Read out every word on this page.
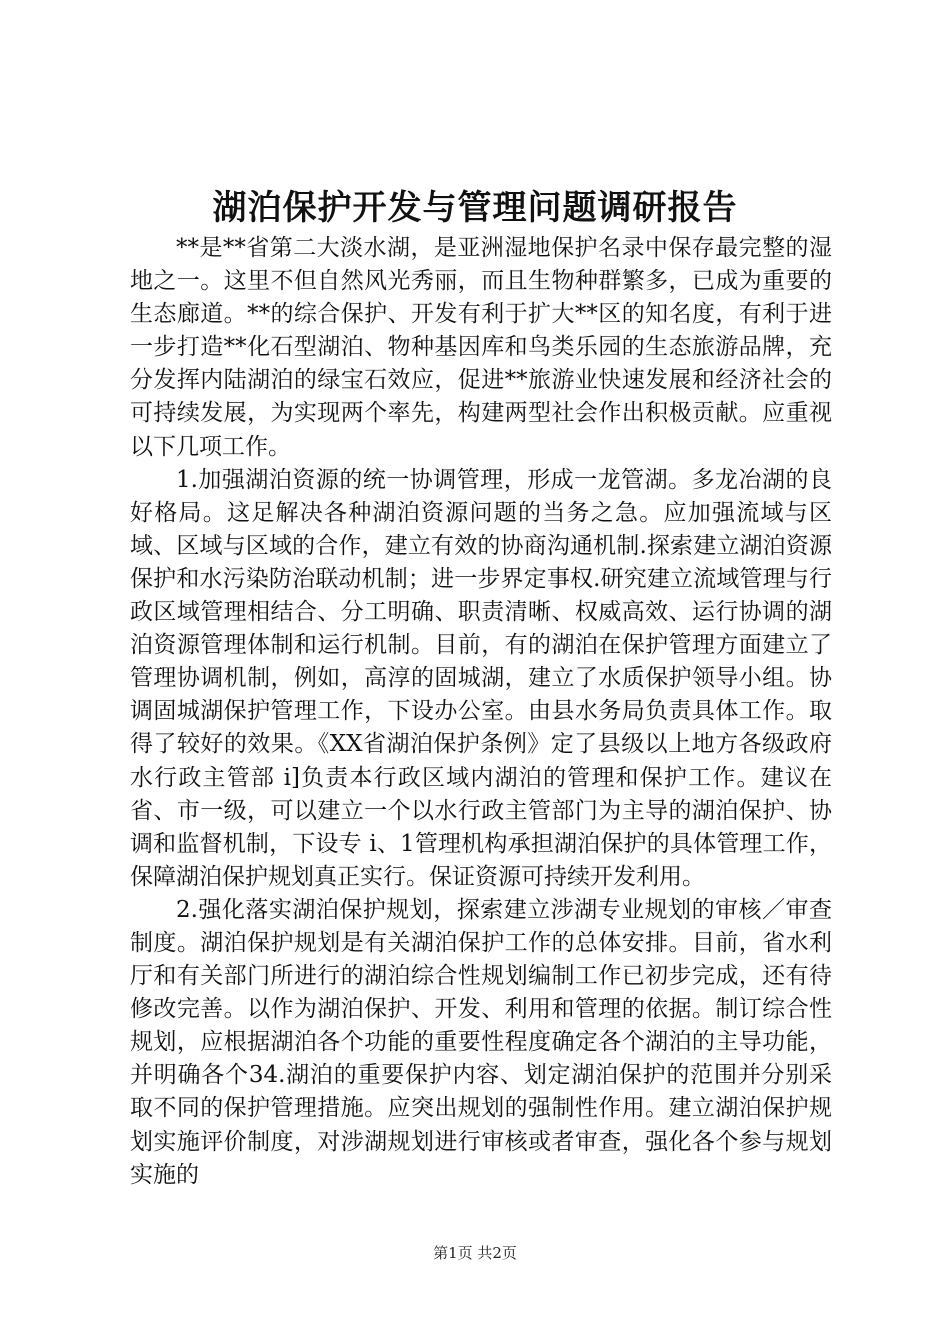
湖泊保护开发与管理问题调研报告

**是**省第二大淡水湖，是亚洲湿地保护名录中保存最完整的湿地之一。这里不但自然风光秀丽，而且生物种群繁多，已成为重要的生态廊道。**的综合保护、开发有利于扩大**区的知名度，有利于进一步打造**化石型湖泊、物种基因库和鸟类乐园的生态旅游品牌，充分发挥内陆湖泊的绿宝石效应，促进**旅游业快速发展和经济社会的可持续发展，为实现两个率先，构建两型社会作出积极贡献。应重视以下几项工作。

1.加强湖泊资源的统一协调管理，形成一龙管湖。多龙冶湖的良好格局。这足解决各种湖泊资源问题的当务之急。应加强流域与区域、区域与区域的合作，建立有效的协商沟通机制.探索建立湖泊资源保护和水污染防治联动机制；进一步界定事权.研究建立流域管理与行政区域管理相结合、分工明确、职责清晰、权威高效、运行协调的湖泊资源管理体制和运行机制。目前，有的湖泊在保护管理方面建立了管理协调机制，例如，高淳的固城湖，建立了水质保护领导小组。协调固城湖保护管理工作，下设办公室。由县水务局负责具体工作。取得了较好的效果。《XX省湖泊保护条例》定了县级以上地方各级政府水行政主管部 i]负责本行政区域内湖泊的管理和保护工作。建议在省、市一级，可以建立一个以水行政主管部门为主导的湖泊保护、协调和监督机制，下设专 i、1管理机构承担湖泊保护的具体管理工作，保障湖泊保护规划真正实行。保证资源可持续开发利用。

2.强化落实湖泊保护规划，探索建立涉湖专业规划的审核／审查制度。湖泊保护规划是有关湖泊保护工作的总体安排。目前，省水利厅和有关部门所进行的湖泊综合性规划编制工作已初步完成，还有待修改完善。以作为湖泊保护、开发、利用和管理的依据。制订综合性规划，应根据湖泊各个功能的重要性程度确定各个湖泊的主导功能，并明确各个34.湖泊的重要保护内容、划定湖泊保护的范围并分别采取不同的保护管理措施。应突出规划的强制性作用。建立湖泊保护规划实施评价制度，对涉湖规划进行审核或者审查，强化各个参与规划实施的

第1页 共2页
